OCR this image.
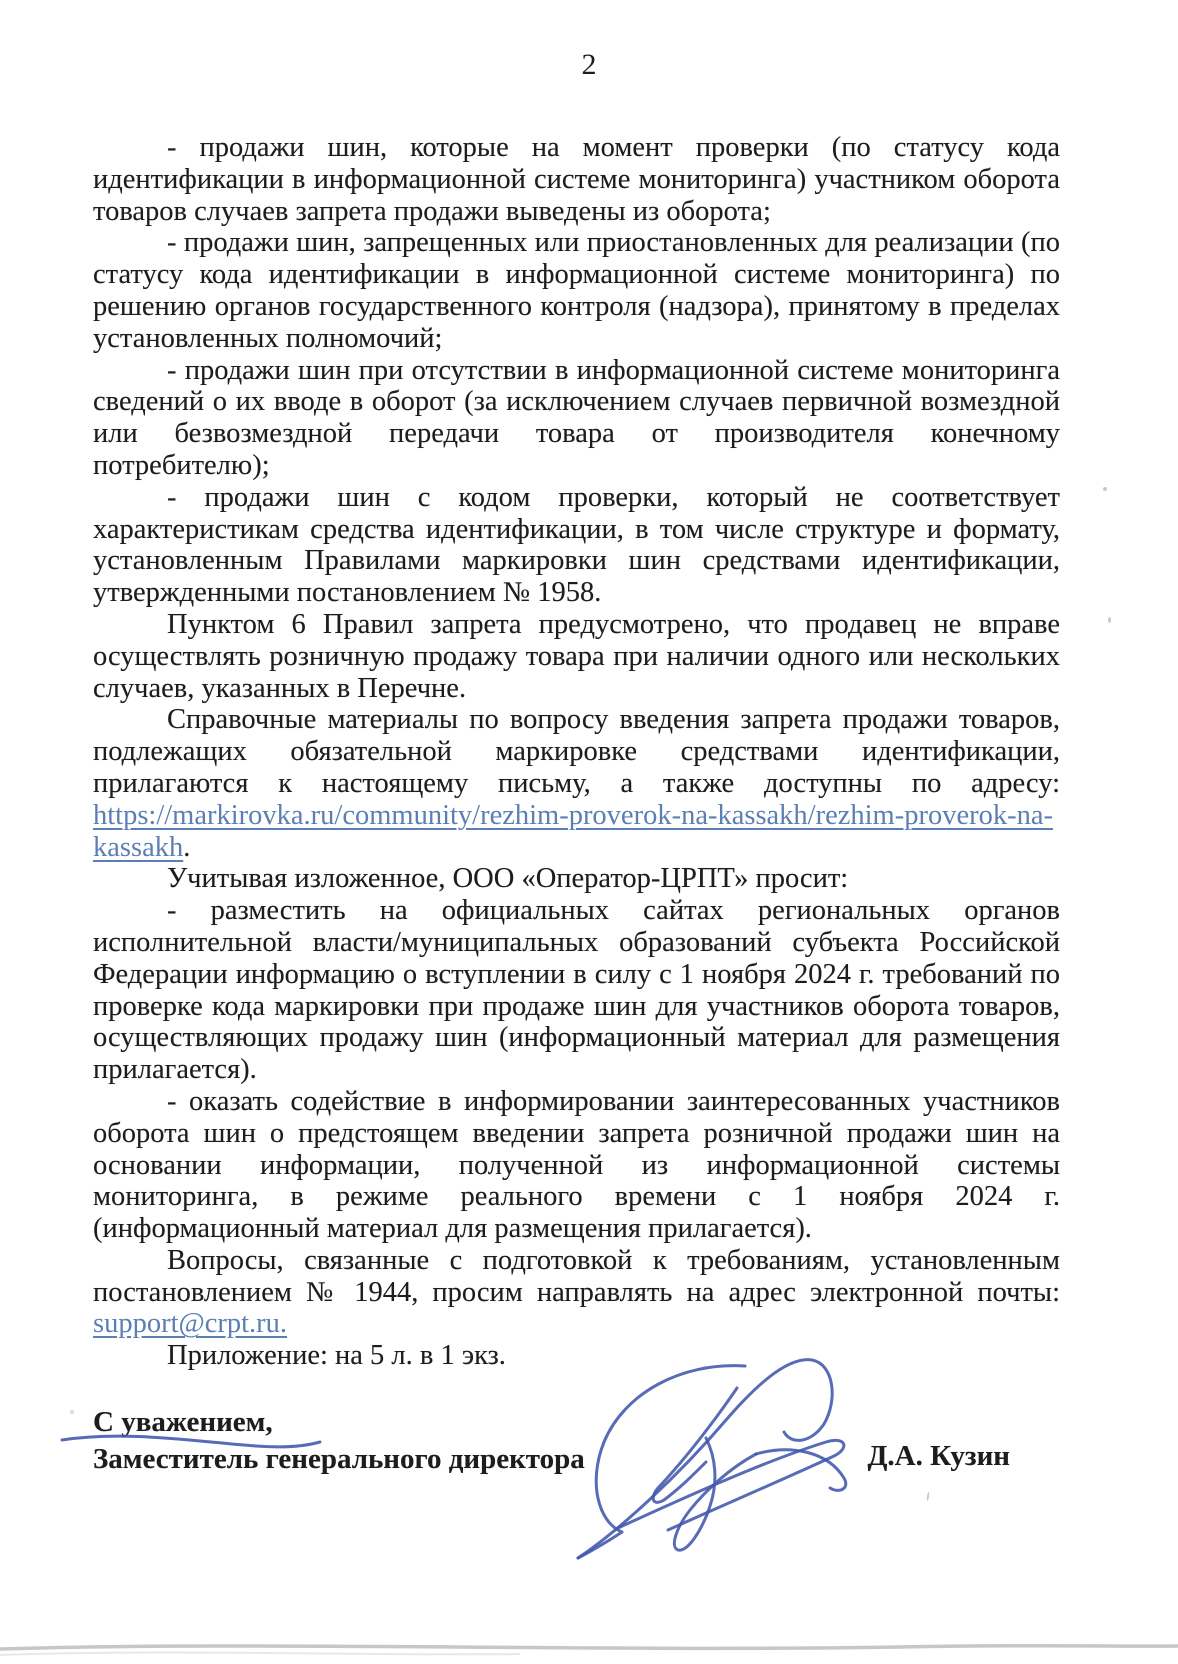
2

- продажи шин, которые на момент проверки (по статусу кода идентификации в информационной системе мониторинга) участником оборота товаров случаев запрета продажи выведены из оборота;

- продажи шин, запрещенных или приостановленных для реализации (по статусу кода идентификации в информационной системе мониторинга) по решению органов государственного контроля (надзора), принятому в пределах установленных полномочий;

- продажи шин при отсутствии в информационной системе мониторинга сведений о их вводе в оборот (за исключением случаев первичной возмездной или безвозмездной передачи товара от производителя конечному потребителю);

- продажи шин с кодом проверки, который не соответствует характеристикам средства идентификации, в том числе структуре и формату, установленным Правилами маркировки шин средствами идентификации, утвержденными постановлением № 1958.

Пунктом 6 Правил запрета предусмотрено, что продавец не вправе осуществлять розничную продажу товара при наличии одного или нескольких случаев, указанных в Перечне.

Справочные материалы по вопросу введения запрета продажи товаров, подлежащих обязательной маркировке средствами идентификации, прилагаются к настоящему письму, а также доступны по адресу: https://markirovka.ru/community/rezhim-proverok-na-kassakh/rezhim-proverok-na-kassakh.

Учитывая изложенное, ООО «Оператор-ЦРПТ» просит:

- разместить на официальных сайтах региональных органов исполнительной власти/муниципальных образований субъекта Российской Федерации информацию о вступлении в силу с 1 ноября 2024 г. требований по проверке кода маркировки при продаже шин для участников оборота товаров, осуществляющих продажу шин (информационный материал для размещения прилагается).

- оказать содействие в информировании заинтересованных участников оборота шин о предстоящем введении запрета розничной продажи шин на основании информации, полученной из информационной системы мониторинга, в режиме реального времени с 1 ноября 2024 г. (информационный материал для размещения прилагается).

Вопросы, связанные с подготовкой к требованиям, установленным постановлением № 1944, просим направлять на адрес электронной почты: support@crpt.ru.

Приложение: на 5 л. в 1 экз.

С уважением,
Заместитель генерального директора	Д.А. Кузин
